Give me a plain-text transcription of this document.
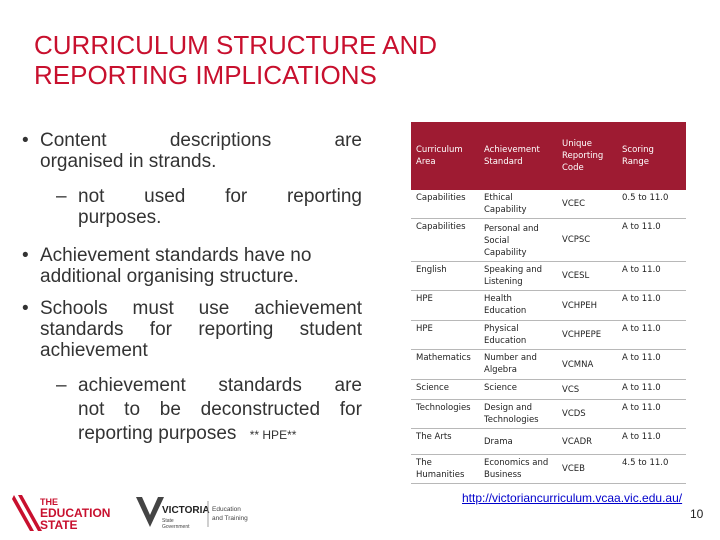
CURRICULUM STRUCTURE AND
REPORTING IMPLICATIONS
• Content	descriptions	are
organised in strands.
– not used for reporting
purposes.
• Achievement standards have no
additional organising structure.
• Schools must use achievement
standards for reporting student
achievement
– achievement standards are
not to be deconstructed for
reporting purposes ** HPE**
Curriculum Area	Achievement Standard	Unique Reporting Code	Scoring Range
Capabilities	Ethical Capability	VCEC	0.5 to 11.0
Capabilities	Personal and Social Capability	VCPSC	A to 11.0
English	Speaking and Listening	VCESL	A to 11.0
HPE	Health Education	VCHPEH	A to 11.0
HPE	Physical Education	VCHPEPE	A to 11.0
Mathematics	Number and Algebra	VCMNA	A to 11.0
Science	Science	VCS	A to 11.0
Technologies	Design and Technologies	VCDS	A to 11.0
The Arts	Drama	VCADR	A to 11.0
The Humanities	Economics and Business	VCEB	4.5 to 11.0
THE
EDUCATION
STATE
VICTORIA
State
Government
Education
and Training
http://victoriancurriculum.vcaa.vic.edu.au/
10
